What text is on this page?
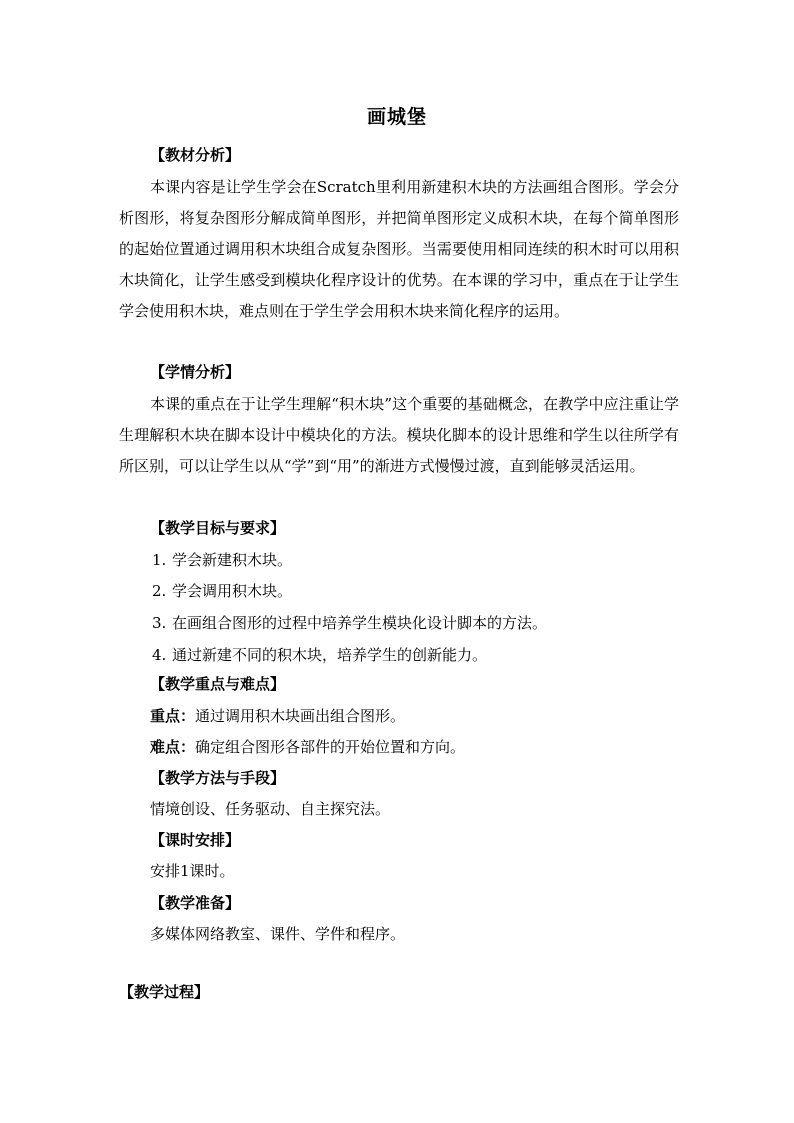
画城堡
【教材分析】
本课内容是让学生学会在Scratch里利用新建积木块的方法画组合图形。学会分析图形，将复杂图形分解成简单图形，并把简单图形定义成积木块，在每个简单图形的起始位置通过调用积木块组合成复杂图形。当需要使用相同连续的积木时可以用积木块简化，让学生感受到模块化程序设计的优势。在本课的学习中，重点在于让学生学会使用积木块，难点则在于学生学会用积木块来简化程序的运用。
【学情分析】
本课的重点在于让学生理解“积木块”这个重要的基础概念，在教学中应注重让学生理解积木块在脚本设计中模块化的方法。模块化脚本的设计思维和学生以往所学有所区别，可以让学生以从“学”到“用”的渐进方式慢慢过渡，直到能够灵活运用。
【教学目标与要求】
1. 学会新建积木块。
2. 学会调用积木块。
3. 在画组合图形的过程中培养学生模块化设计脚本的方法。
4. 通过新建不同的积木块，培养学生的创新能力。
【教学重点与难点】
重点：通过调用积木块画出组合图形。
难点：确定组合图形各部件的开始位置和方向。
【教学方法与手段】
情境创设、任务驱动、自主探究法。
【课时安排】
安排1课时。
【教学准备】
多媒体网络教室、课件、学件和程序。
【教学过程】
